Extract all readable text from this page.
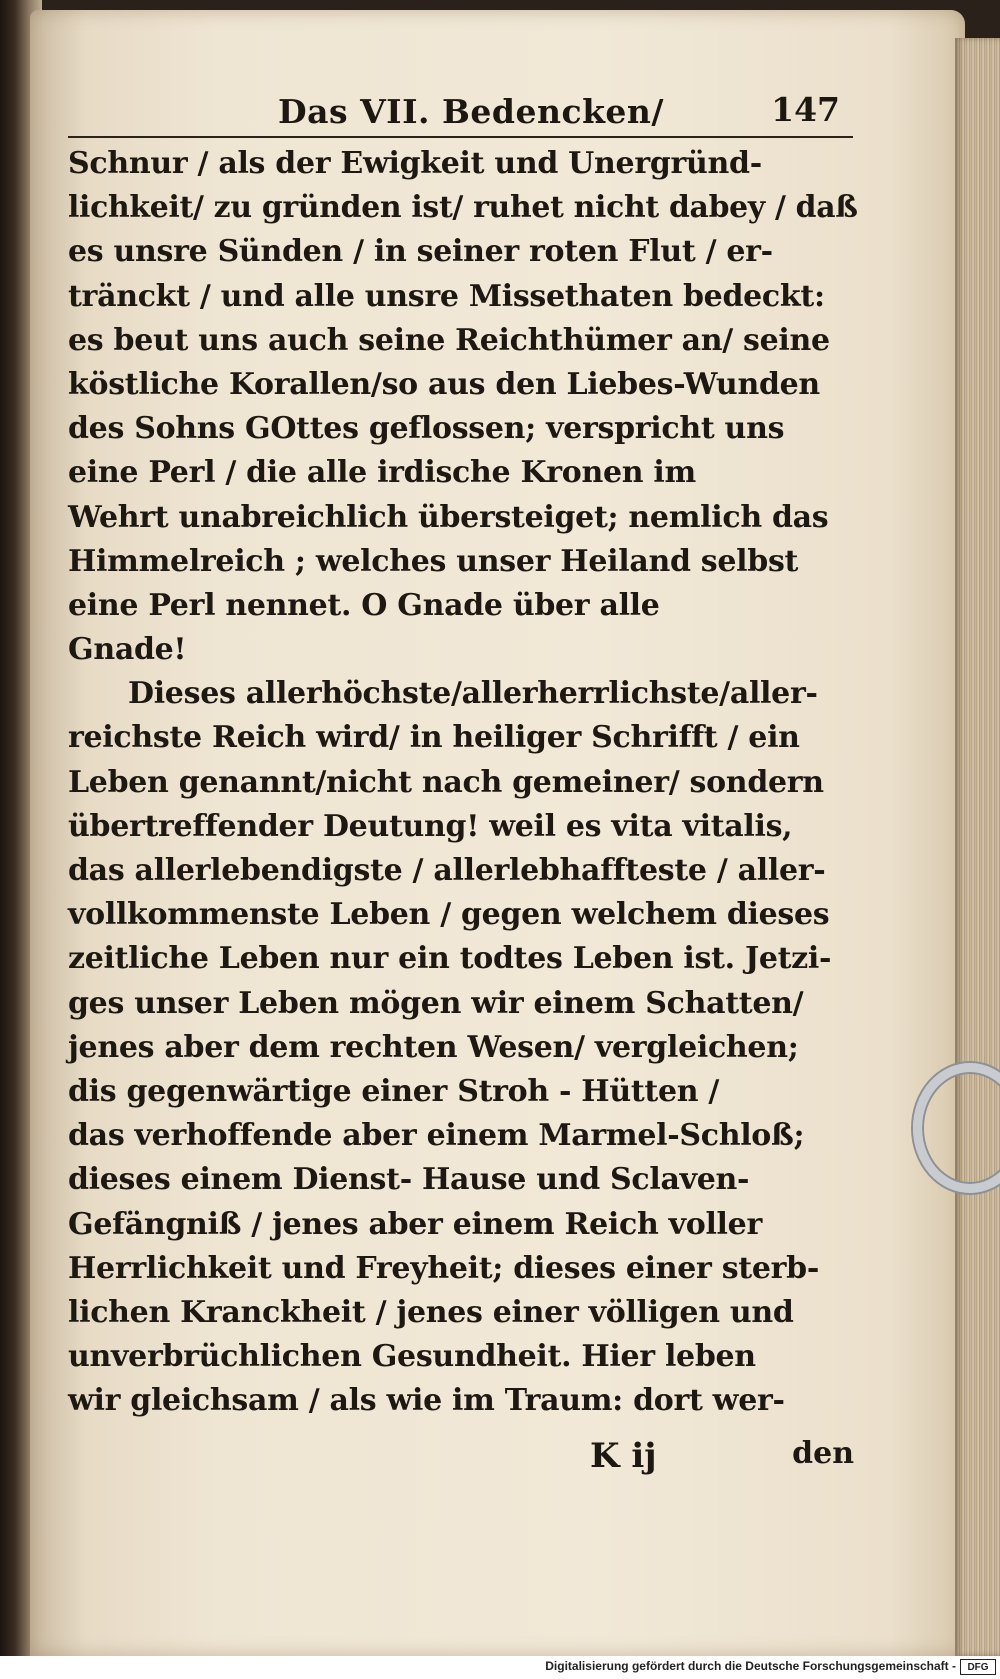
Das VII. Bedencken/	147
Schnur / als der Ewigkeit und Unergründ-
lichkeit/ zu gründen ist/ ruhet nicht dabey / daß
es unsre Sünden / in seiner roten Flut / er-
tränckt / und alle unsre Missethaten bedeckt:
es beut uns auch seine Reichthümer an/ seine
köstliche Korallen/so aus den Liebes-Wunden
des Sohns GOttes geflossen; verspricht uns
eine Perl / die alle irdische Kronen im
Wehrt unabreichlich übersteiget; nemlich das
Himmelreich ; welches unser Heiland selbst
eine Perl nennet. O Gnade über alle
Gnade!
Dieses allerhöchste/allerherrlichste/aller-
reichste Reich wird/ in heiliger Schrifft / ein
Leben genannt/nicht nach gemeiner/ sondern
übertreffender Deutung! weil es vita vitalis,
das allerlebendigste / allerlebhaffteste / aller-
vollkommenste Leben / gegen welchem dieses
zeitliche Leben nur ein todtes Leben ist. Jetzi-
ges unser Leben mögen wir einem Schatten/
jenes aber dem rechten Wesen/ vergleichen;
dis gegenwärtige einer Stroh - Hütten /
das verhoffende aber einem Marmel-Schloß;
dieses einem Dienst- Hause und Sclaven-
Gefängniß / jenes aber einem Reich voller
Herrlichkeit und Freyheit; dieses einer sterb-
lichen Kranckheit / jenes einer völligen und
unverbrüchlichen Gesundheit. Hier leben
wir gleichsam / als wie im Traum: dort wer-
K ij	den
Digitalisierung gefördert durch die Deutsche Forschungsgemeinschaft -	DFG
